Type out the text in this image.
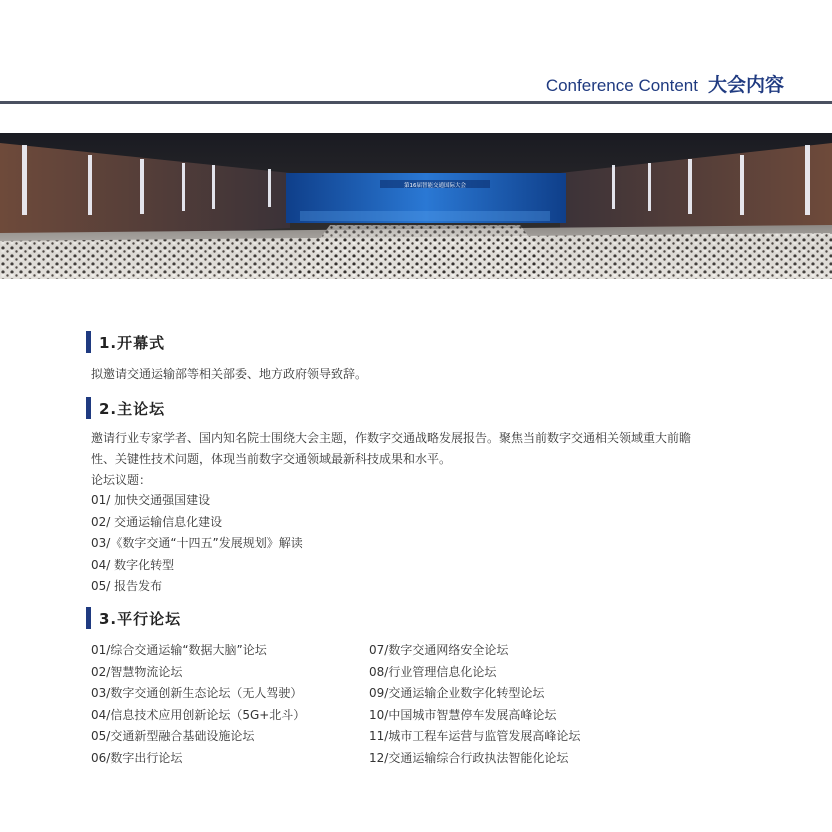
Conference Content 大会内容
第16届智能交通国际大会
1.开幕式
拟邀请交通运输部等相关部委、地方政府领导致辞。
2.主论坛
邀请行业专家学者、国内知名院士围绕大会主题，作数字交通战略发展报告。聚焦当前数字交通相关领域重大前瞻
性、关键性技术问题，体现当前数字交通领域最新科技成果和水平。
论坛议题：
01/ 加快交通强国建设
02/ 交通运输信息化建设
03/《数字交通“十四五”发展规划》解读
04/ 数字化转型
05/ 报告发布
3.平行论坛
01/综合交通运输“数据大脑”论坛
02/智慧物流论坛
03/数字交通创新生态论坛（无人驾驶）
04/信息技术应用创新论坛（5G+北斗）
05/交通新型融合基础设施论坛
06/数字出行论坛
07/数字交通网络安全论坛
08/行业管理信息化论坛
09/交通运输企业数字化转型论坛
10/中国城市智慧停车发展高峰论坛
11/城市工程车运营与监管发展高峰论坛
12/交通运输综合行政执法智能化论坛
